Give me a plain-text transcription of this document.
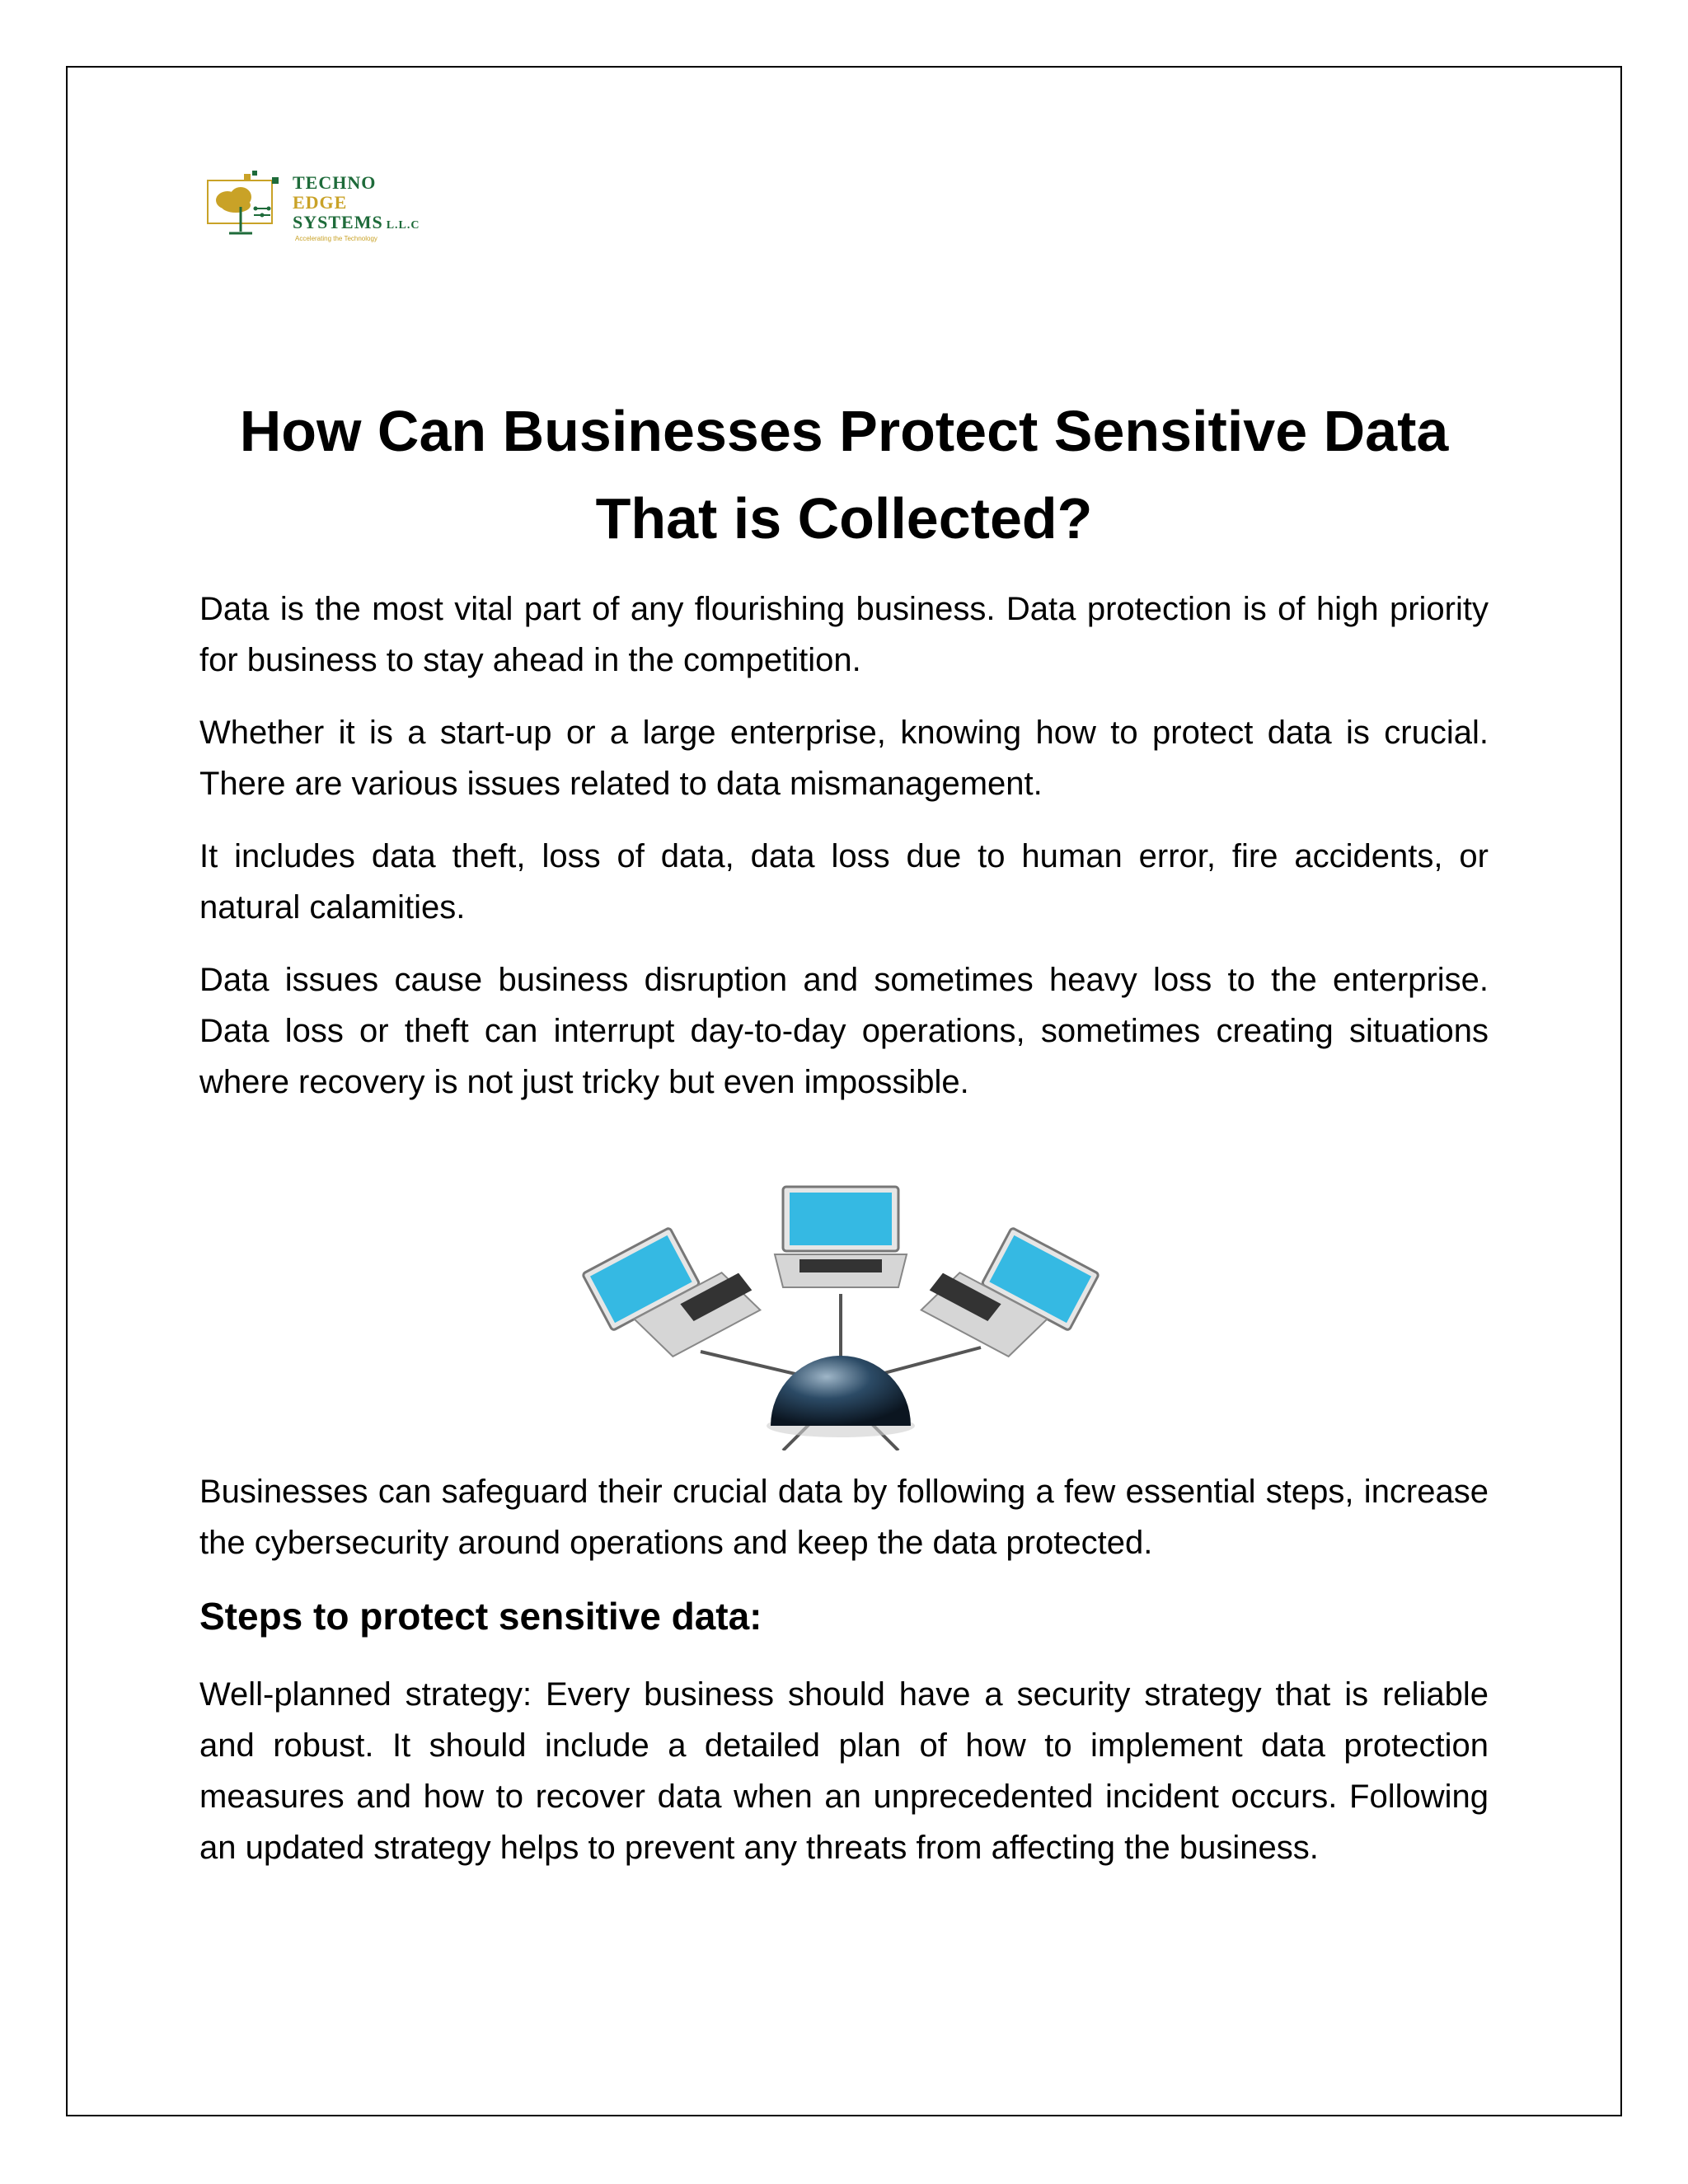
TECHNO
EDGE
SYSTEMS L.L.C
Accelerating the Technology
How Can Businesses Protect Sensitive Data That is Collected?

Data is the most vital part of any flourishing business. Data protection is of high priority for business to stay ahead in the competition.

Whether it is a start-up or a large enterprise, knowing how to protect data is crucial. There are various issues related to data mismanagement.

It includes data theft, loss of data, data loss due to human error, fire accidents, or natural calamities.

Data issues cause business disruption and sometimes heavy loss to the enterprise. Data loss or theft can interrupt day-to-day operations, sometimes creating situations where recovery is not just tricky but even impossible.

Businesses can safeguard their crucial data by following a few essential steps, increase the cybersecurity around operations and keep the data protected.

Steps to protect sensitive data:

Well-planned strategy: Every business should have a security strategy that is reliable and robust. It should include a detailed plan of how to implement data protection measures and how to recover data when an unprecedented incident occurs. Following an updated strategy helps to prevent any threats from affecting the business.
